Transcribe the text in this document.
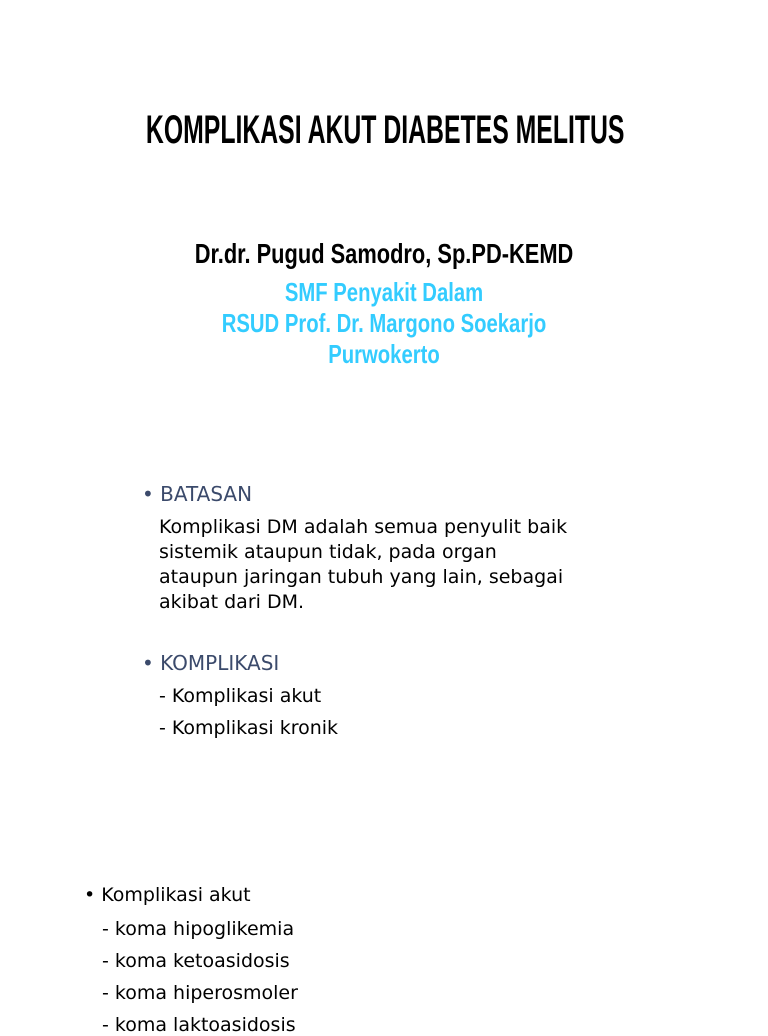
KOMPLIKASI AKUT DIABETES MELITUS
Dr.dr. Pugud Samodro, Sp.PD-KEMD
SMF Penyakit Dalam
RSUD Prof. Dr. Margono Soekarjo
Purwokerto
• BATASAN
Komplikasi DM adalah semua penyulit baik
sistemik ataupun tidak, pada organ
ataupun jaringan tubuh yang lain, sebagai
akibat dari DM.
• KOMPLIKASI
- Komplikasi akut
- Komplikasi kronik
• Komplikasi akut
- koma hipoglikemia
- koma ketoasidosis
- koma hiperosmoler
- koma laktoasidosis
